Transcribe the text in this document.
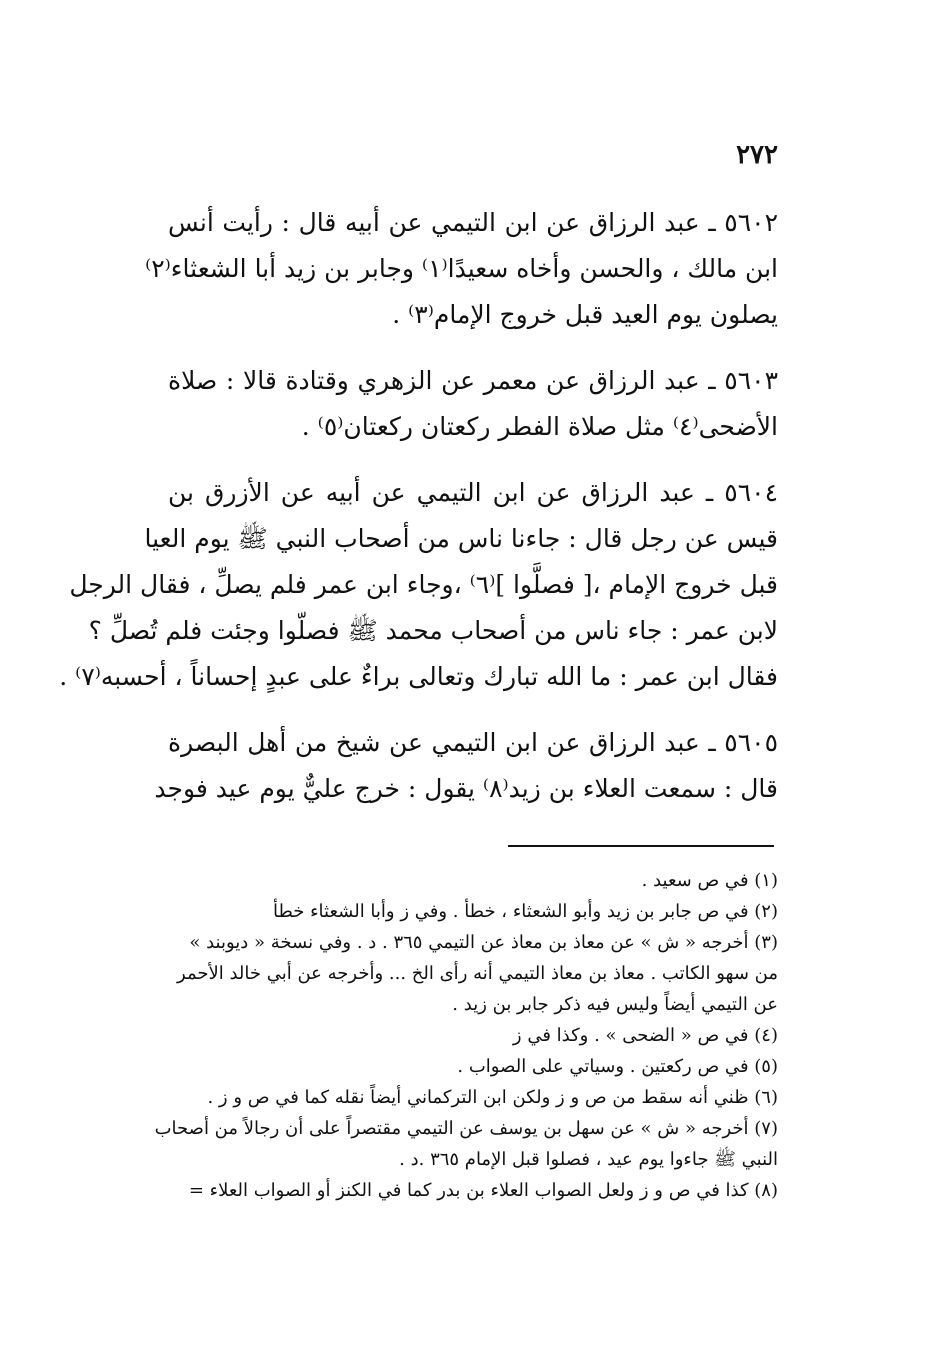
٢٧٢
٥٦٠٢ ـ عبد الرزاق عن ابن التيمي عن أبيه قال : رأيت أنس
ابن مالك ، والحسن وأخاه سعيدًا⁽١⁾ وجابر بن زيد أبا الشعثاء⁽٢⁾
يصلون يوم العيد قبل خروج الإمام⁽٣⁾ .
٥٦٠٣ ـ عبد الرزاق عن معمر عن الزهري وقتادة قالا : صلاة
الأضحى⁽٤⁾ مثل صلاة الفطر ركعتان ركعتان⁽٥⁾ .
٥٦٠٤ ـ عبد الرزاق عن ابن التيمي عن أبيه عن الأزرق بن
قيس عن رجل قال : جاءنا ناس من أصحاب النبي ﷺ يوم العيا
قبل خروج الإمام ،[ فصلَّوا ]⁽٦⁾ ،وجاء ابن عمر فلم يصلِّ ، فقال الرجل
لابن عمر : جاء ناس من أصحاب محمد ﷺ فصلّوا وجئت فلم تُصلِّ ؟
فقال ابن عمر : ما الله تبارك وتعالى براءٌ على عبدٍ إحساناً ، أحسبه⁽٧⁾ .
٥٦٠٥ ـ عبد الرزاق عن ابن التيمي عن شيخ من أهل البصرة
قال : سمعت العلاء بن زيد⁽٨⁾ يقول : خرج عليٌّ يوم عيد فوجد
(١) في ص سعيد .
(٢) في ص جابر بن زيد وأبو الشعثاء ، خطأ . وفي ز وأبا الشعثاء خطأ
(٣) أخرجه « ش » عن معاذ بن معاذ عن التيمي ٣٦٥ . د . وفي نسخة « ديوبند »
من سهو الكاتب . معاذ بن معاذ التيمي أنه رأى الخ ... وأخرجه عن أبي خالد الأحمر
عن التيمي أيضاً وليس فيه ذكر جابر بن زيد .
(٤) في ص « الضحى » . وكذا في ز
(٥) في ص ركعتين . وسياتي على الصواب .
(٦) ظني أنه سقط من ص و ز ولكن ابن التركماني أيضاً نقله كما في ص و ز .
(٧) أخرجه « ش » عن سهل بن يوسف عن التيمي مقتصراً على أن رجالاً من أصحاب
النبي ﷺ جاءوا يوم عيد ، فصلوا قبل الإمام ٣٦٥ .د .
(٨) كذا في ص و ز ولعل الصواب العلاء بن بدر كما في الكنز أو الصواب العلاء =
